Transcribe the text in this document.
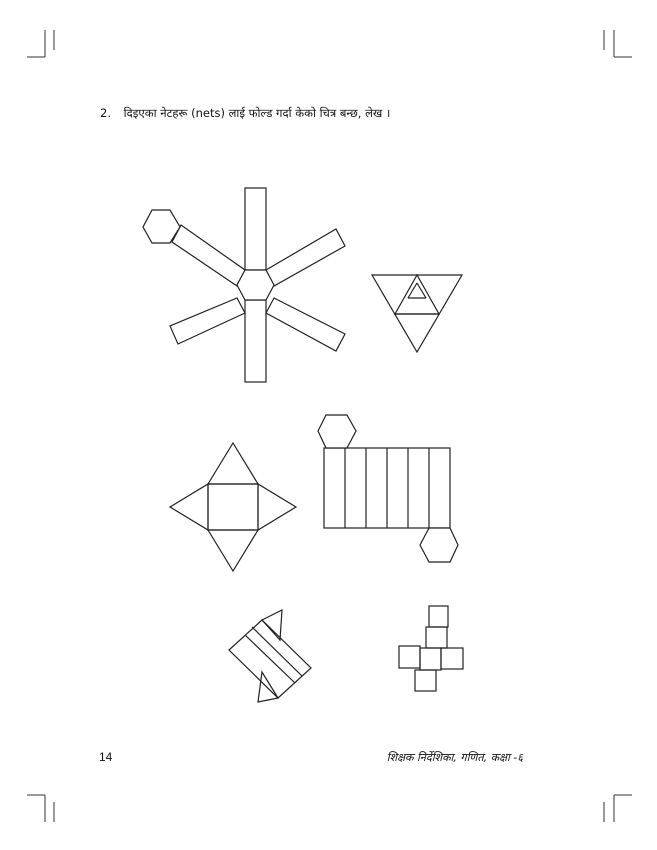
2. दिइएका नेटहरू (nets) लाई फोल्ड गर्दा केको चित्र बन्छ, लेख ।
14	शिक्षक निर्देशिका, गणित, कक्षा -६
